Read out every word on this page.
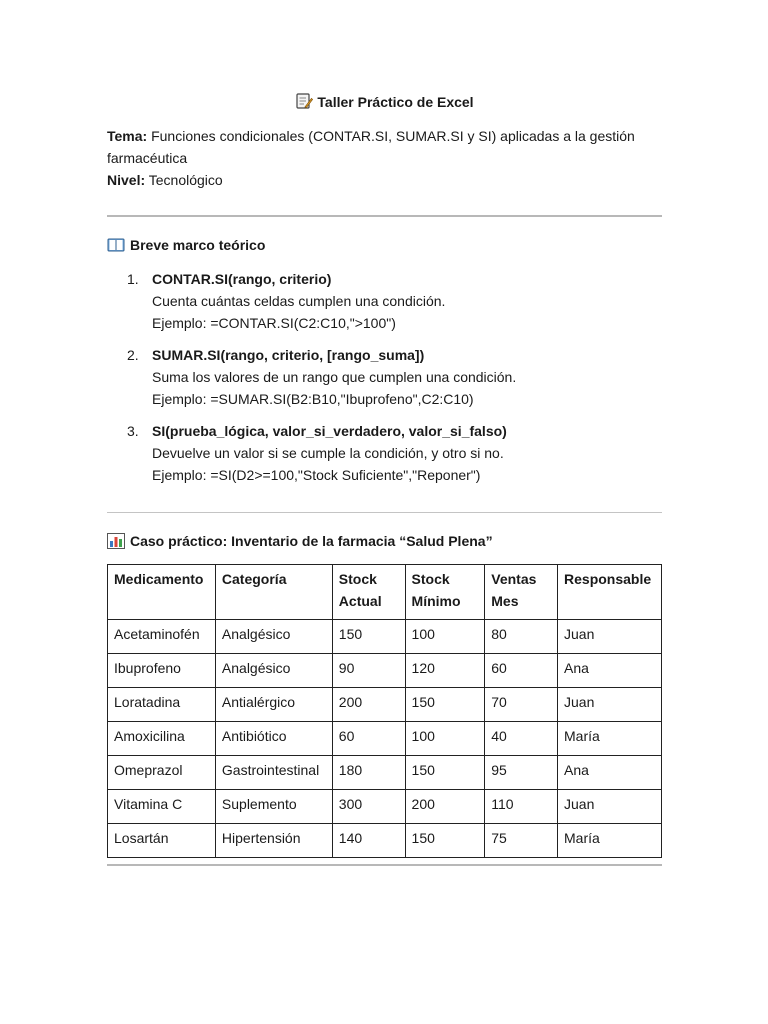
Taller Práctico de Excel
Tema: Funciones condicionales (CONTAR.SI, SUMAR.SI y SI) aplicadas a la gestión farmacéutica
Nivel: Tecnológico
Breve marco teórico
1. CONTAR.SI(rango, criterio)
Cuenta cuántas celdas cumplen una condición.
Ejemplo: =CONTAR.SI(C2:C10,">100")
2. SUMAR.SI(rango, criterio, [rango_suma])
Suma los valores de un rango que cumplen una condición.
Ejemplo: =SUMAR.SI(B2:B10,"Ibuprofeno",C2:C10)
3. SI(prueba_lógica, valor_si_verdadero, valor_si_falso)
Devuelve un valor si se cumple la condición, y otro si no.
Ejemplo: =SI(D2>=100,"Stock Suficiente","Reponer")
Caso práctico: Inventario de la farmacia “Salud Plena”
Medicamento	Categoría	Stock Actual	Stock Mínimo	Ventas Mes	Responsable
Acetaminofén	Analgésico	150	100	80	Juan
Ibuprofeno	Analgésico	90	120	60	Ana
Loratadina	Antialérgico	200	150	70	Juan
Amoxicilina	Antibiótico	60	100	40	María
Omeprazol	Gastrointestinal	180	150	95	Ana
Vitamina C	Suplemento	300	200	110	Juan
Losartán	Hipertensión	140	150	75	María
